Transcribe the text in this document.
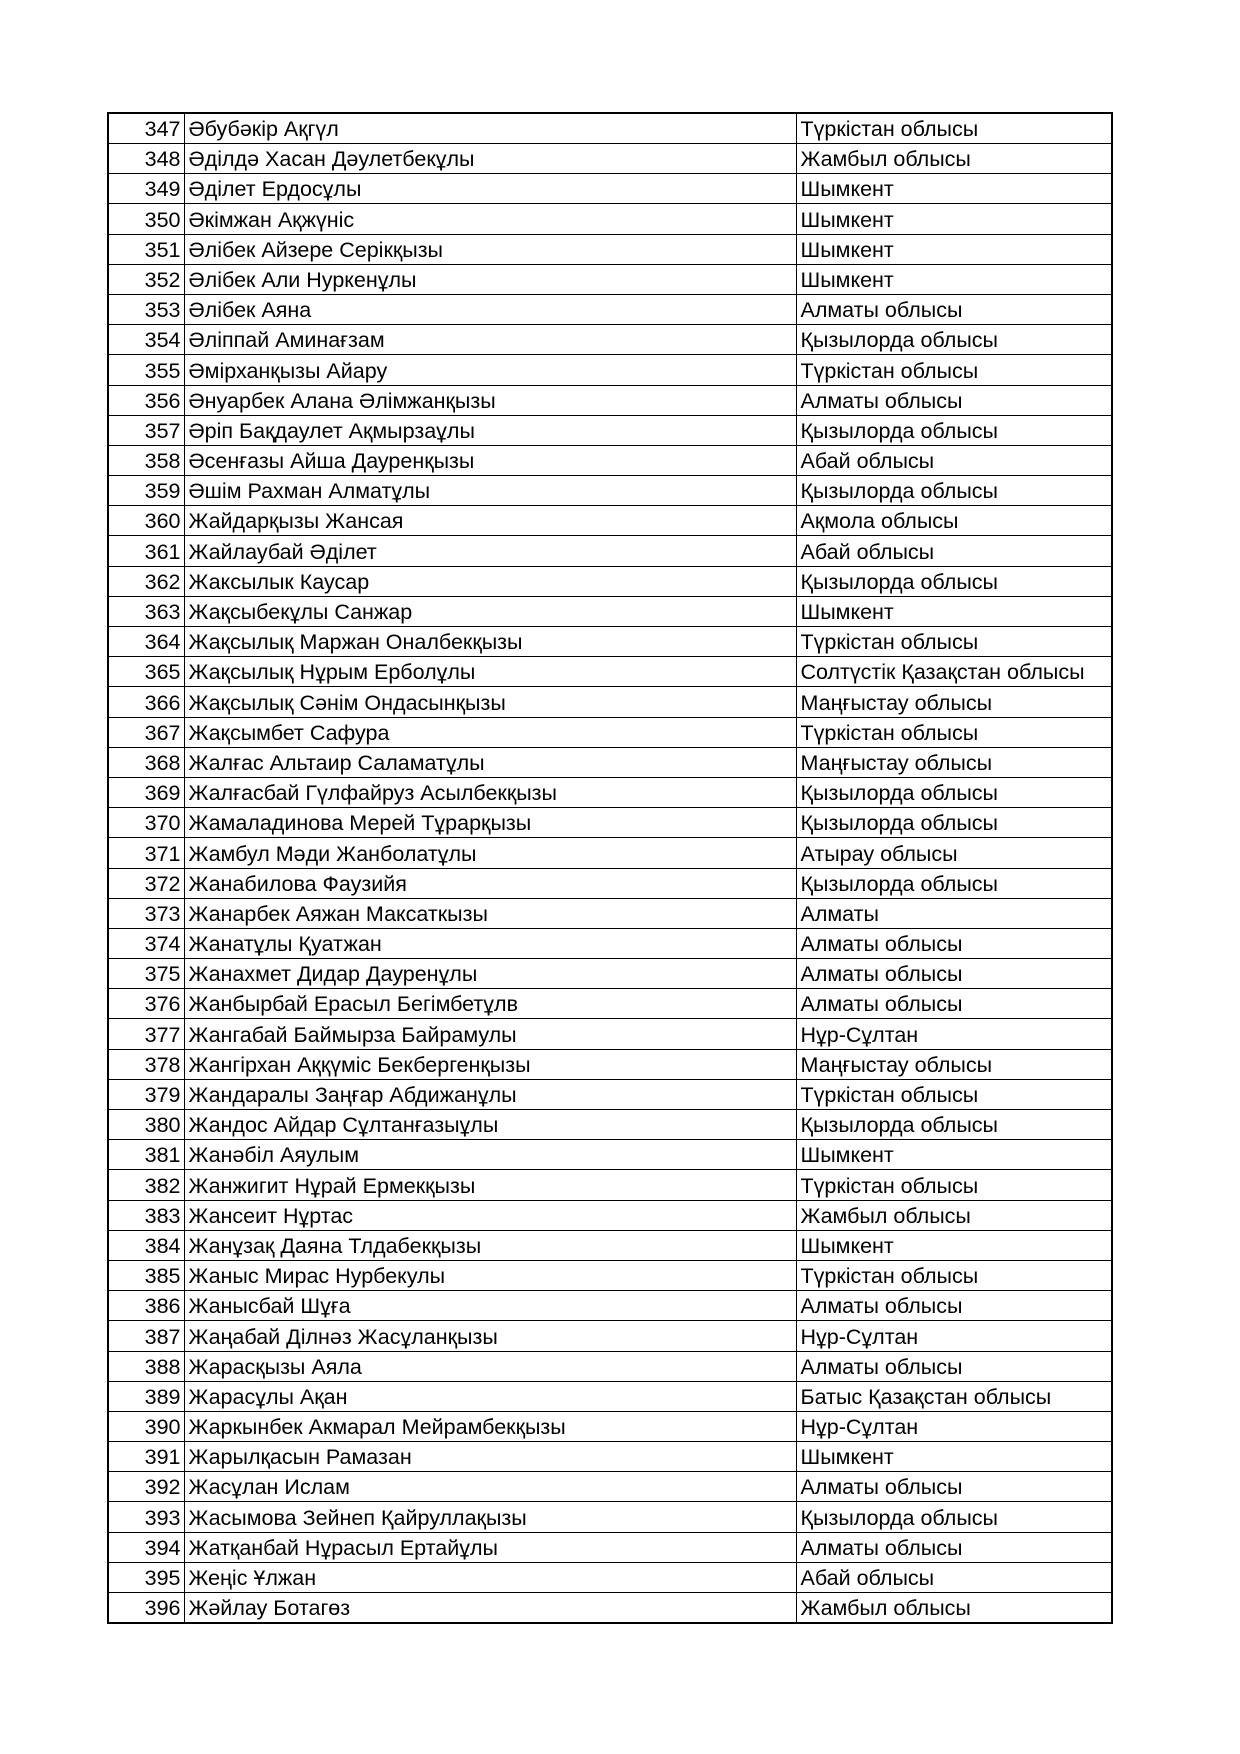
347	Әбубәкір Ақгүл	Түркістан облысы
348	Әділдә Хасан Дәулетбекұлы	Жамбыл облысы
349	Әділет Ердосұлы	Шымкент
350	Әкімжан Ақжүніс	Шымкент
351	Әлібек Айзере Серікқызы	Шымкент
352	Әлібек Али Нуркенұлы	Шымкент
353	Әлібек Аяна	Алматы облысы
354	Әліппай Аминағзам	Қызылорда облысы
355	Әмірханқызы Айару	Түркістан облысы
356	Әнуарбек Алана Әлімжанқызы	Алматы облысы
357	Әріп Бақдаулет Ақмырзаұлы	Қызылорда облысы
358	Әсенғазы Айша Дауренқызы	Абай облысы
359	Әшім Рахман Алматұлы	Қызылорда облысы
360	Жайдарқызы Жансая	Ақмола облысы
361	Жайлаубай Әділет	Абай облысы
362	Жаксылык Каусар	Қызылорда облысы
363	Жақсыбекұлы Санжар	Шымкент
364	Жақсылық Маржан Оналбекқызы	Түркістан облысы
365	Жақсылық Нұрым Ерболұлы	Солтүстік Қазақстан облысы
366	Жақсылық Сәнім Ондасынқызы	Маңғыстау облысы
367	Жақсымбет Сафура	Түркістан облысы
368	Жалғас Альтаир Саламатұлы	Маңғыстау облысы
369	Жалғасбай Гүлфайруз Асылбекқызы	Қызылорда облысы
370	Жамаладинова Мерей Тұрарқызы	Қызылорда облысы
371	Жамбул Мәди Жанболатұлы	Атырау облысы
372	Жанабилова Фаузийя	Қызылорда облысы
373	Жанарбек Аяжан Максаткызы	Алматы
374	Жанатұлы Қуатжан	Алматы облысы
375	Жанахмет Дидар Дауренұлы	Алматы облысы
376	Жанбырбай Ерасыл Бегімбетұлв	Алматы облысы
377	Жангабай Баймырза Байрамулы	Нұр-Сұлтан
378	Жангірхан Аққүміс Бекбергенқызы	Маңғыстау облысы
379	Жандаралы Заңғар Абдижанұлы	Түркістан облысы
380	Жандос Айдар Сұлтанғазыұлы	Қызылорда облысы
381	Жанәбіл Аяулым	Шымкент
382	Жанжигит Нұрай Ермекқызы	Түркістан облысы
383	Жансеит Нұртас	Жамбыл облысы
384	Жанұзақ Даяна Тлдабекқызы	Шымкент
385	Жаныс Мирас Нурбекулы	Түркістан облысы
386	Жанысбай Шұға	Алматы облысы
387	Жаңабай Ділнәз Жасұланқызы	Нұр-Сұлтан
388	Жарасқызы Аяла	Алматы облысы
389	Жарасұлы Ақан	Батыс Қазақстан облысы
390	Жаркынбек Акмарал Мейрамбекқызы	Нұр-Сұлтан
391	Жарылқасын Рамазан	Шымкент
392	Жасұлан Ислам	Алматы облысы
393	Жасымова Зейнеп Қайруллақызы	Қызылорда облысы
394	Жатқанбай Нұрасыл Ертайұлы	Алматы облысы
395	Жеңіс Ұлжан	Абай облысы
396	Жәйлау Ботагөз	Жамбыл облысы
